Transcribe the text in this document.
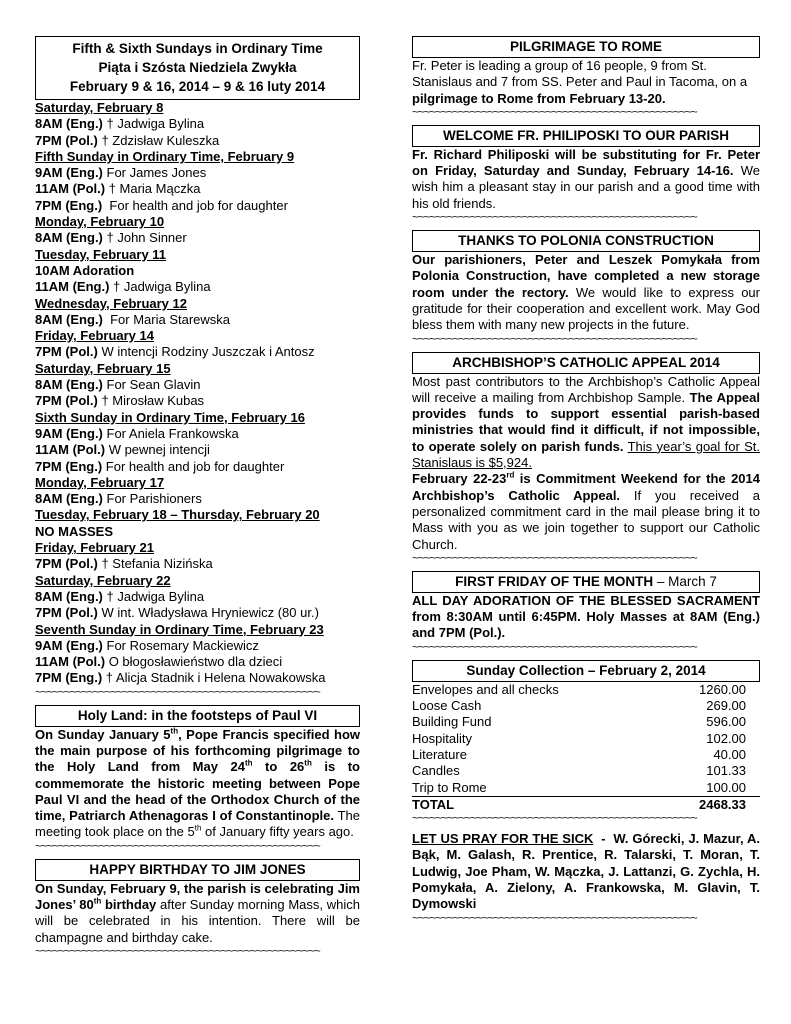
Fifth & Sixth Sundays in Ordinary Time
Piąta i Szósta Niedziela Zwykła
February 9 & 16, 2014 – 9 & 16 luty 2014
Saturday, February 8
8AM (Eng.) † Jadwiga Bylina
7PM (Pol.) † Zdzisław Kuleszka
Fifth Sunday in Ordinary Time, February 9
9AM (Eng.) For James Jones
11AM (Pol.) † Maria Mączka
7PM (Eng.)  For health and job for daughter
Monday, February 10
8AM (Eng.) † John Sinner
Tuesday, February 11
10AM Adoration
11AM (Eng.) † Jadwiga Bylina
Wednesday, February 12
8AM (Eng.)  For Maria Starewska
Friday, February 14
7PM (Pol.) W intencji Rodziny Juszczak i Antosz
Saturday, February 15
8AM (Eng.) For Sean Glavin
7PM (Pol.) † Mirosław Kubas
Sixth Sunday in Ordinary Time, February 16
9AM (Eng.) For Aniela Frankowska
11AM (Pol.) W pewnej intencji
7PM (Eng.) For health and job for daughter
Monday, February 17
8AM (Eng.) For Parishioners
Tuesday, February 18 – Thursday, February 20
NO MASSES
Friday, February 21
7PM (Pol.) † Stefania Nizińska
Saturday, February 22
8AM (Eng.) † Jadwiga Bylina
7PM (Pol.) W int. Władysława Hryniewicz (80 ur.)
Seventh Sunday in Ordinary Time, February 23
9AM (Eng.) For Rosemary Mackiewicz
11AM (Pol.) O błogosławieństwo dla dzieci
7PM (Eng.) † Alicja Stadnik i Helena Nowakowska
~~~~~~~~~~~~~~~~~~~~~~~~~~~~~~~~~~~~~~~~~~~~~~~~~
Holy Land: in the footsteps of Paul VI

On Sunday January 5th, Pope Francis specified how the main purpose of his forthcoming pilgrimage to the Holy Land from May 24th to 26th is to commemorate the historic meeting between Pope Paul VI and the head of the Orthodox Church of the time, Patriarch Athenagoras I of Constantinople. The meeting took place on the 5th of January fifty years ago.

~~~~~~~~~~~~~~~~~~~~~~~~~~~~~~~~~~~~~~~~~~~~~~~~~
HAPPY BIRTHDAY TO JIM JONES

On Sunday, February 9, the parish is celebrating Jim Jones’ 80th birthday after Sunday morning Mass, which will be celebrated in his intention. There will be champagne and birthday cake.

~~~~~~~~~~~~~~~~~~~~~~~~~~~~~~~~~~~~~~~~~~~~~~~~~
PILGRIMAGE TO ROME

Fr. Peter is leading a group of 16 people, 9 from St. Stanislaus and 7 from SS. Peter and Paul in Tacoma, on a pilgrimage to Rome from February 13-20.

~~~~~~~~~~~~~~~~~~~~~~~~~~~~~~~~~~~~~~~~~~~~~~~~~
WELCOME FR. PHILIPOSKI TO OUR PARISH

Fr. Richard Philiposki will be substituting for Fr. Peter on Friday, Saturday and Sunday, February 14-16. We wish him a pleasant stay in our parish and a good time with his old friends.

~~~~~~~~~~~~~~~~~~~~~~~~~~~~~~~~~~~~~~~~~~~~~~~~~
THANKS TO POLONIA CONSTRUCTION

Our parishioners, Peter and Leszek Pomykała from Polonia Construction, have completed a new storage room under the rectory. We would like to express our gratitude for their cooperation and excellent work. May God bless them with many new projects in the future.

~~~~~~~~~~~~~~~~~~~~~~~~~~~~~~~~~~~~~~~~~~~~~~~~~
ARCHBISHOP’S CATHOLIC APPEAL 2014

Most past contributors to the Archbishop’s Catholic Appeal will receive a mailing from Archbishop Sample. The Appeal provides funds to support essential parish-based ministries that would find it difficult, if not impossible, to operate solely on parish funds. This year’s goal for St. Stanislaus is $5,924.

February 22-23rd is Commitment Weekend for the 2014 Archbishop’s Catholic Appeal. If you received a personalized commitment card in the mail please bring it to Mass with you as we join together to support our Catholic Church.

~~~~~~~~~~~~~~~~~~~~~~~~~~~~~~~~~~~~~~~~~~~~~~~~~
FIRST FRIDAY OF THE MONTH – March 7

ALL DAY ADORATION OF THE BLESSED SACRAMENT from 8:30AM until 6:45PM. Holy Masses at 8AM (Eng.) and 7PM (Pol.).

~~~~~~~~~~~~~~~~~~~~~~~~~~~~~~~~~~~~~~~~~~~~~~~~~
Sunday Collection – February 2, 2014
Envelopes and all checks	1260.00
Loose Cash	269.00
Building Fund	596.00
Hospitality	102.00
Literature	40.00
Candles	101.33
Trip to Rome	100.00
TOTAL	2468.33
~~~~~~~~~~~~~~~~~~~~~~~~~~~~~~~~~~~~~~~~~~~~~~~~~

LET US PRAY FOR THE SICK  -  W. Górecki, J. Mazur, A. Bąk, M. Galash, R. Prentice, R. Talarski, T. Moran, T. Ludwig, Joe Pham, W. Mączka, J. Lattanzi, G. Zychla, H. Pomykała, A. Zielony, A. Frankowska, M. Glavin, T. Dymowski

~~~~~~~~~~~~~~~~~~~~~~~~~~~~~~~~~~~~~~~~~~~~~~~~~
